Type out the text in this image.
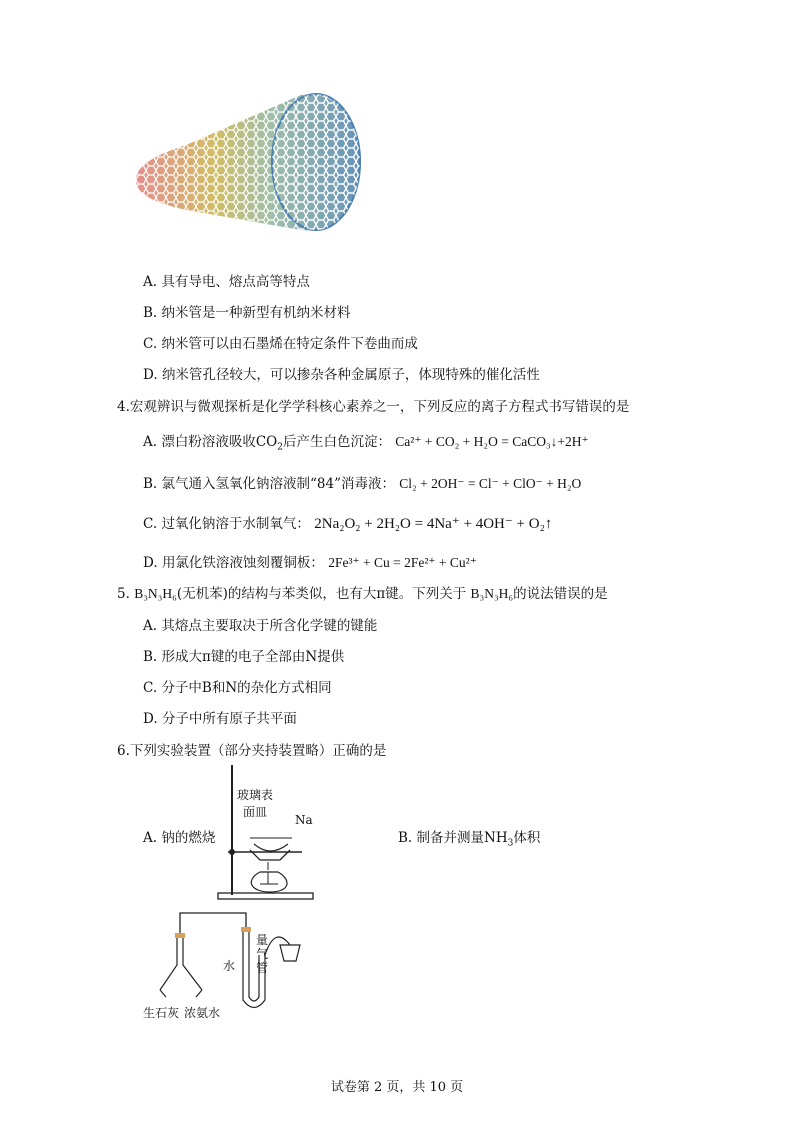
A. 具有导电、熔点高等特点
B. 纳米管是一种新型有机纳米材料
C. 纳米管可以由石墨烯在特定条件下卷曲而成
D. 纳米管孔径较大，可以掺杂各种金属原子，体现特殊的催化活性
4.宏观辨识与微观探析是化学学科核心素养之一，下列反应的离子方程式书写错误的是
A. 漂白粉溶液吸收$CO_2$后产生白色沉淀： Ca²⁺ + CO₂ + H₂O = CaCO₃↓+2H⁺
B. 氯气通入氢氧化钠溶液制“84”消毒液： Cl₂ + 2OH⁻ = Cl⁻ + ClO⁻ + H₂O
C. 过氧化钠溶于水制氧气： 2Na₂O₂ + 2H₂O = 4Na⁺ + 4OH⁻ + O₂↑
D. 用氯化铁溶液蚀刻覆铜板： 2Fe³⁺ + Cu = 2Fe²⁺ + Cu²⁺
5. B₃N₃H₆(无机苯)的结构与苯类似，也有大π键。下列关于 B₃N₃H₆的说法错误的是
A. 其熔点主要取决于所含化学键的键能
B. 形成大π键的电子全部由N提供
C. 分子中B和N的杂化方式相同
D. 分子中所有原子共平面
6.下列实验装置（部分夹持装置略）正确的是
A. 钠的燃烧	B. 制备并测量$NH_3$体积
玻璃表
面皿
Na
量
气
管
水
生石灰 浓氨水
试卷第 2 页，共 10 页
